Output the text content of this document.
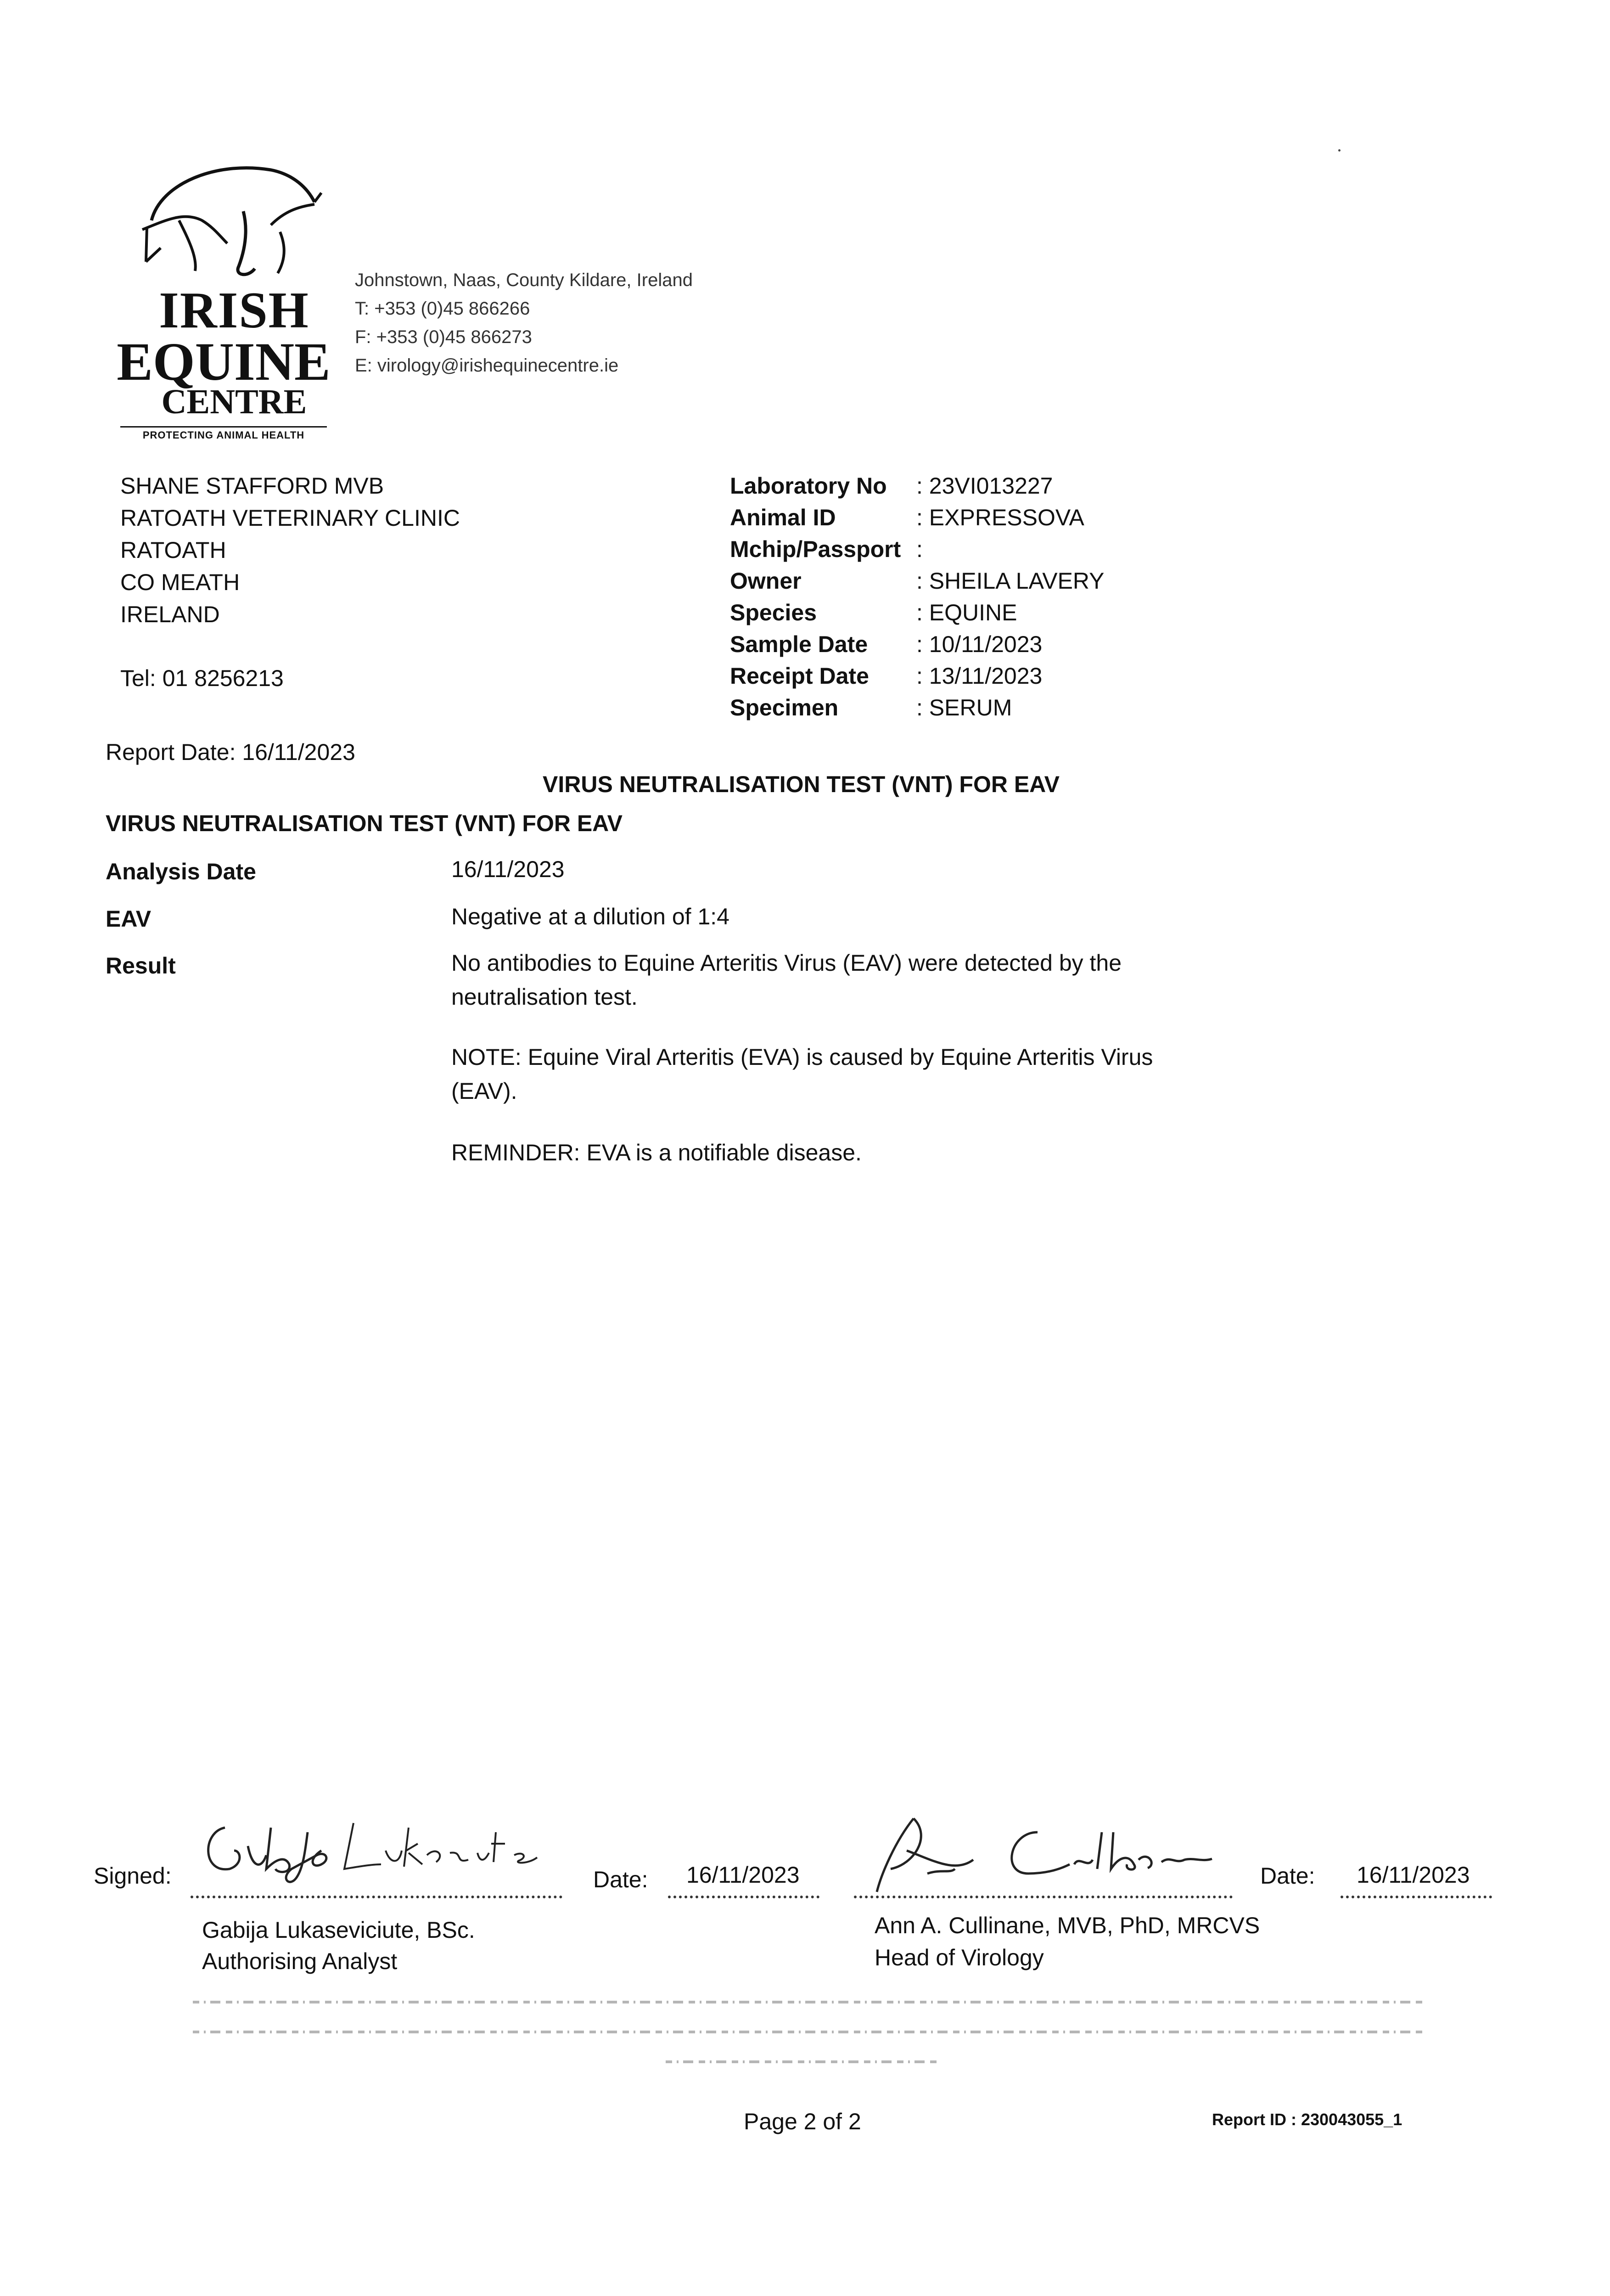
IRISH
EQUINE
CENTRE
PROTECTING ANIMAL HEALTH
Johnstown, Naas, County Kildare, Ireland
T: +353 (0)45 866266
F: +353 (0)45 866273
E: virology@irishequinecentre.ie
SHANE STAFFORD MVB
RATOATH VETERINARY CLINIC
RATOATH
CO MEATH
IRELAND
Tel: 01 8256213
Laboratory No : 23VI013227
Animal ID	: EXPRESSOVA
Mchip/Passport :
Owner	: SHEILA LAVERY
Species	: EQUINE
Sample Date : 10/11/2023
Receipt Date : 13/11/2023
Specimen	: SERUM
Report Date: 16/11/2023
VIRUS NEUTRALISATION TEST (VNT) FOR EAV
VIRUS NEUTRALISATION TEST (VNT) FOR EAV
Analysis Date	16/11/2023
EAV	Negative at a dilution of 1:4
Result	No antibodies to Equine Arteritis Virus (EAV) were detected by the neutralisation test.
NOTE: Equine Viral Arteritis (EVA) is caused by Equine Arteritis Virus (EAV).
REMINDER: EVA is a notifiable disease.
Signed:
Gabija Lukaseviciute
Date: 16/11/2023
Ann Cullinane
Date: 16/11/2023
Gabija Lukaseviciute, BSc.
Authorising Analyst
Ann A. Cullinane, MVB, PhD, MRCVS
Head of Virology
Page 2 of 2	Report ID : 230043055_1
